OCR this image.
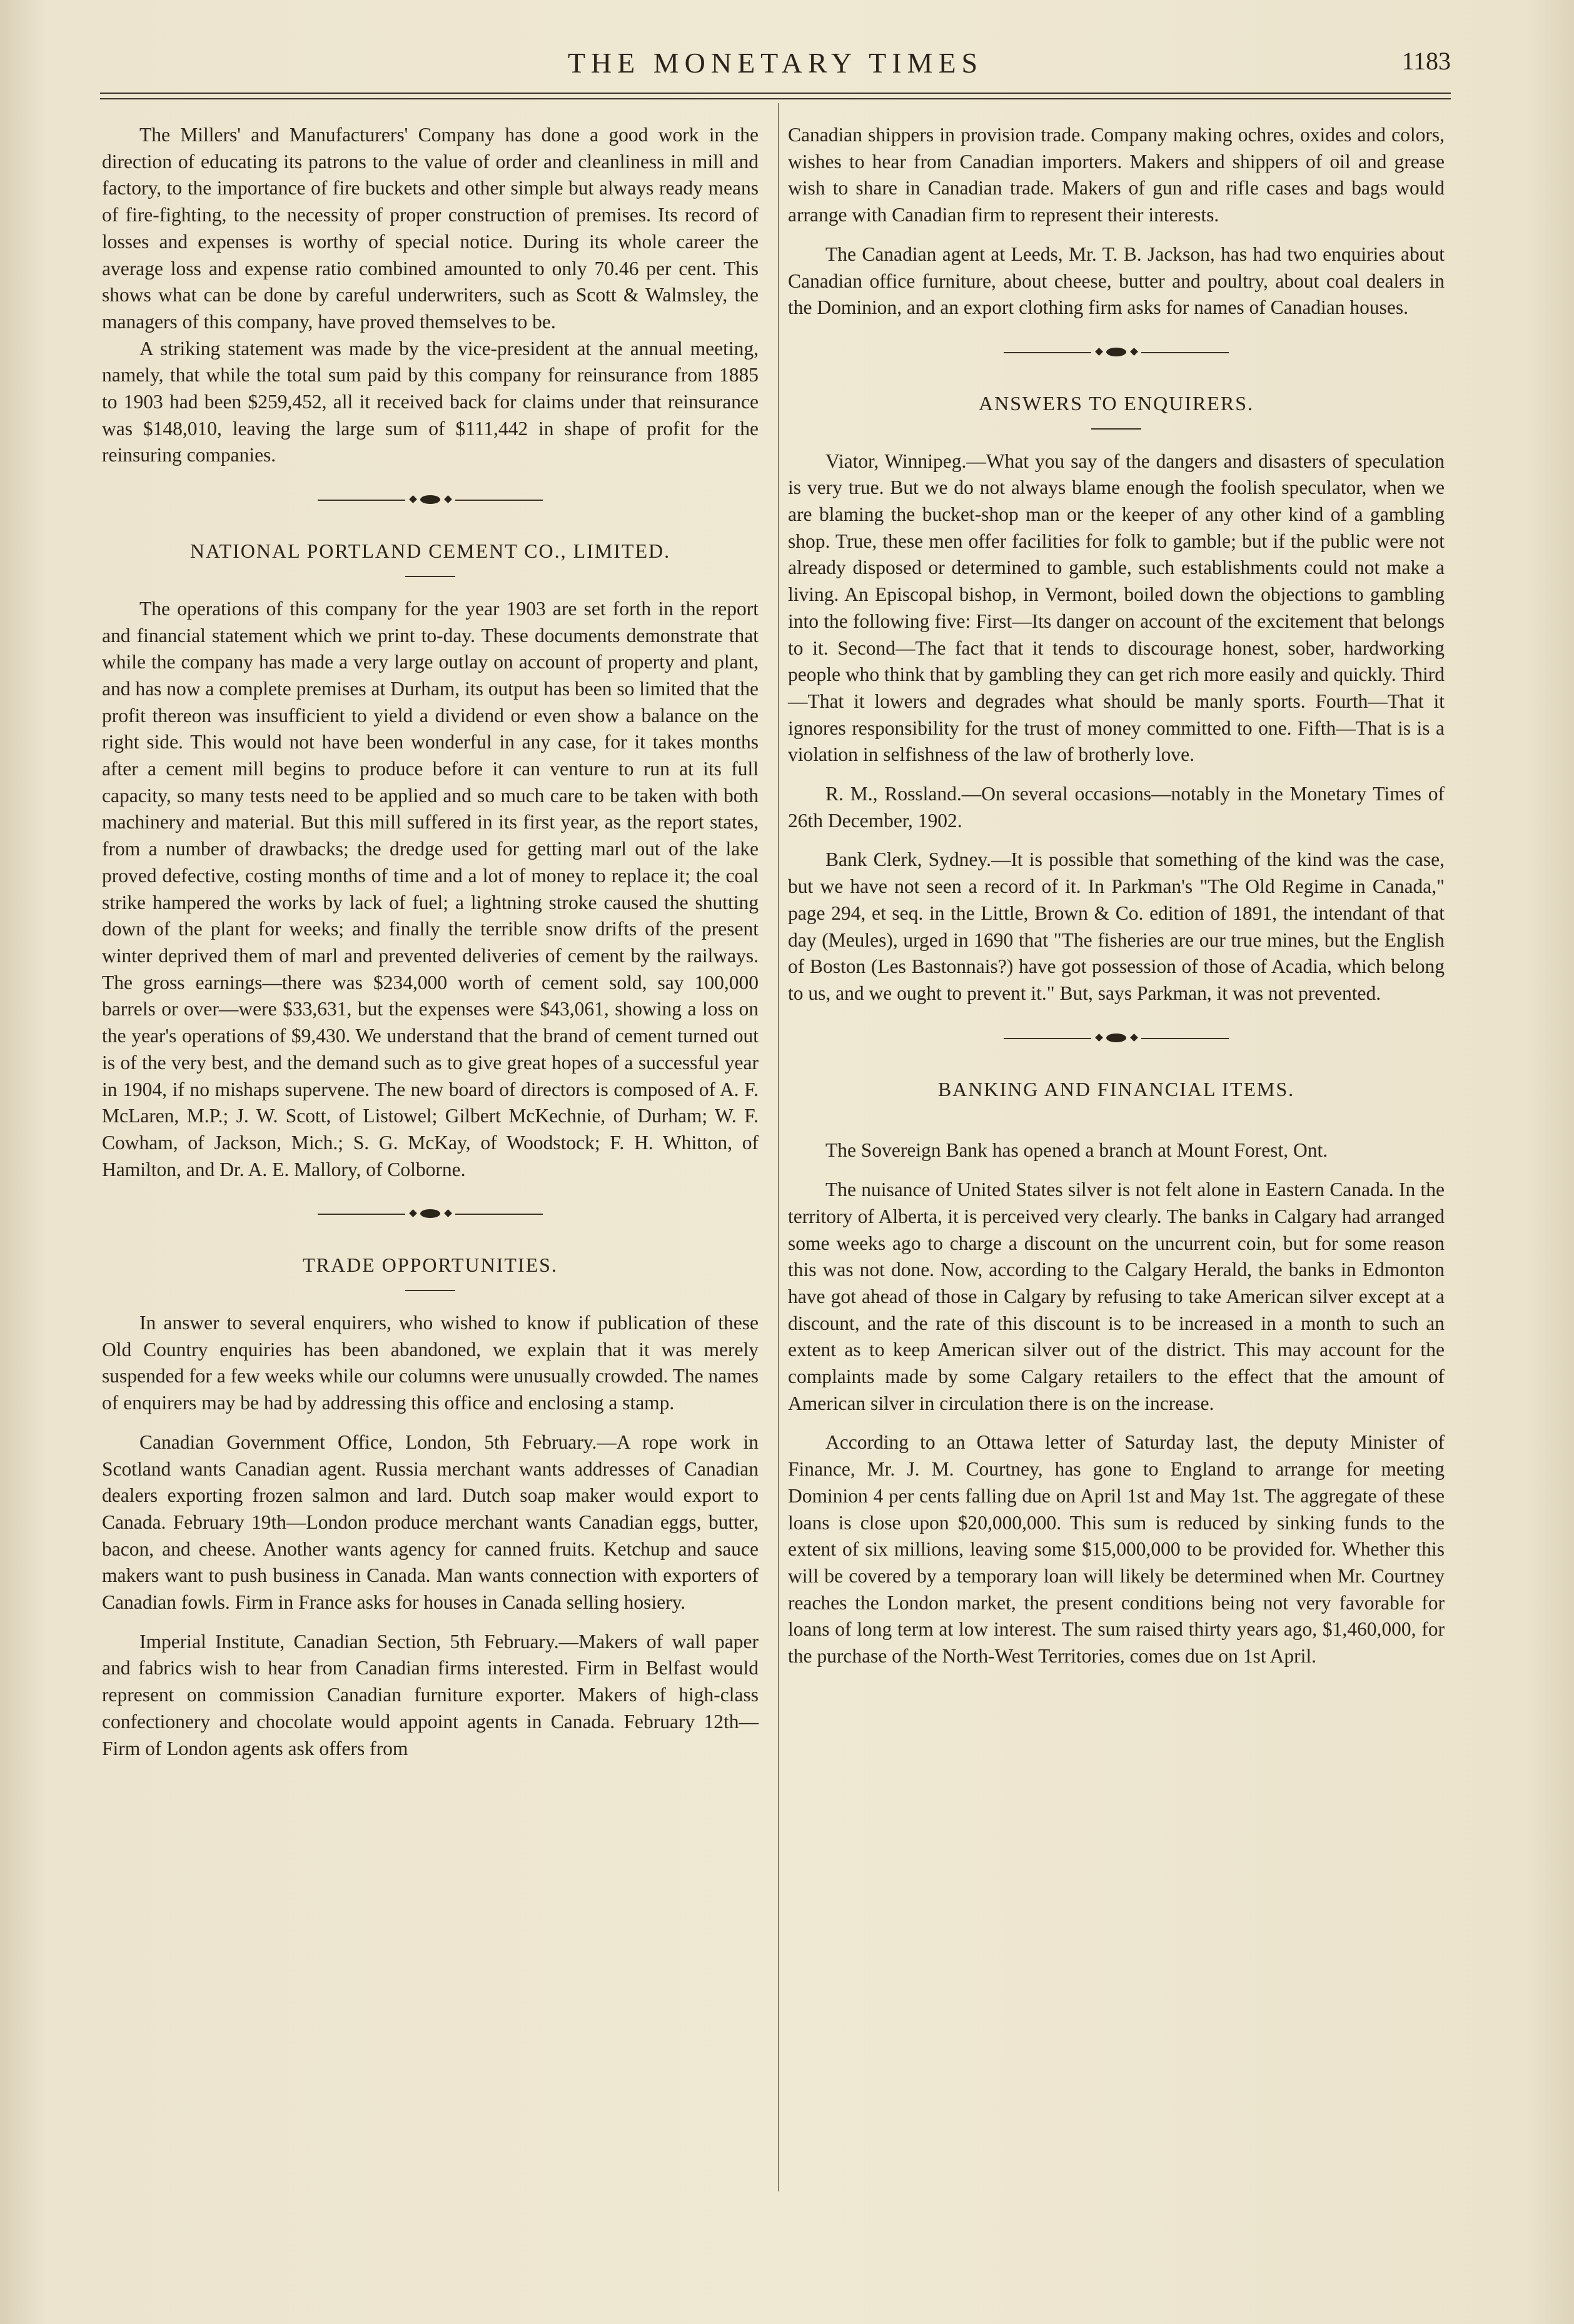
THE MONETARY TIMES	1183

The Millers' and Manufacturers' Company has done a good work in the direction of educating its patrons to the value of order and cleanliness in mill and factory, to the importance of fire buckets and other simple but always ready means of fire-fighting, to the necessity of proper construction of premises. Its record of losses and expenses is worthy of special notice. During its whole career the average loss and expense ratio combined amounted to only 70.46 per cent. This shows what can be done by careful underwriters, such as Scott & Walmsley, the managers of this company, have proved themselves to be.

A striking statement was made by the vice-president at the annual meeting, namely, that while the total sum paid by this company for reinsurance from 1885 to 1903 had been $259,452, all it received back for claims under that reinsurance was $148,010, leaving the large sum of $111,442 in shape of profit for the reinsuring companies.

NATIONAL PORTLAND CEMENT CO., LIMITED.

The operations of this company for the year 1903 are set forth in the report and financial statement which we print to-day. These documents demonstrate that while the company has made a very large outlay on account of property and plant, and has now a complete premises at Durham, its output has been so limited that the profit thereon was insufficient to yield a dividend or even show a balance on the right side. This would not have been wonderful in any case, for it takes months after a cement mill begins to produce before it can venture to run at its full capacity, so many tests need to be applied and so much care to be taken with both machinery and material. But this mill suffered in its first year, as the report states, from a number of drawbacks; the dredge used for getting marl out of the lake proved defective, costing months of time and a lot of money to replace it; the coal strike hampered the works by lack of fuel; a lightning stroke caused the shutting down of the plant for weeks; and finally the terrible snow drifts of the present winter deprived them of marl and prevented deliveries of cement by the railways. The gross earnings—there was $234,000 worth of cement sold, say 100,000 barrels or over—were $33,631, but the expenses were $43,061, showing a loss on the year's operations of $9,430. We understand that the brand of cement turned out is of the very best, and the demand such as to give great hopes of a successful year in 1904, if no mishaps supervene. The new board of directors is composed of A. F. McLaren, M.P.; J. W. Scott, of Listowel; Gilbert McKechnie, of Durham; W. F. Cowham, of Jackson, Mich.; S. G. McKay, of Woodstock; F. H. Whitton, of Hamilton, and Dr. A. E. Mallory, of Colborne.

TRADE OPPORTUNITIES.

In answer to several enquirers, who wished to know if publication of these Old Country enquiries has been abandoned, we explain that it was merely suspended for a few weeks while our columns were unusually crowded. The names of enquirers may be had by addressing this office and enclosing a stamp.

Canadian Government Office, London, 5th February.—A rope work in Scotland wants Canadian agent. Russia merchant wants addresses of Canadian dealers exporting frozen salmon and lard. Dutch soap maker would export to Canada. February 19th—London produce merchant wants Canadian eggs, butter, bacon, and cheese. Another wants agency for canned fruits. Ketchup and sauce makers want to push business in Canada. Man wants connection with exporters of Canadian fowls. Firm in France asks for houses in Canada selling hosiery.

Imperial Institute, Canadian Section, 5th February.—Makers of wall paper and fabrics wish to hear from Canadian firms interested. Firm in Belfast would represent on commission Canadian furniture exporter. Makers of high-class confectionery and chocolate would appoint agents in Canada. February 12th—Firm of London agents ask offers from

Canadian shippers in provision trade. Company making ochres, oxides and colors, wishes to hear from Canadian importers. Makers and shippers of oil and grease wish to share in Canadian trade. Makers of gun and rifle cases and bags would arrange with Canadian firm to represent their interests.

The Canadian agent at Leeds, Mr. T. B. Jackson, has had two enquiries about Canadian office furniture, about cheese, butter and poultry, about coal dealers in the Dominion, and an export clothing firm asks for names of Canadian houses.

ANSWERS TO ENQUIRERS.

Viator, Winnipeg.—What you say of the dangers and disasters of speculation is very true. But we do not always blame enough the foolish speculator, when we are blaming the bucket-shop man or the keeper of any other kind of a gambling shop. True, these men offer facilities for folk to gamble; but if the public were not already disposed or determined to gamble, such establishments could not make a living. An Episcopal bishop, in Vermont, boiled down the objections to gambling into the following five: First—Its danger on account of the excitement that belongs to it. Second—The fact that it tends to discourage honest, sober, hardworking people who think that by gambling they can get rich more easily and quickly. Third—That it lowers and degrades what should be manly sports. Fourth—That it ignores responsibility for the trust of money committed to one. Fifth—That is is a violation in selfishness of the law of brotherly love.

R. M., Rossland.—On several occasions—notably in the Monetary Times of 26th December, 1902.

Bank Clerk, Sydney.—It is possible that something of the kind was the case, but we have not seen a record of it. In Parkman's "The Old Regime in Canada," page 294, et seq. in the Little, Brown & Co. edition of 1891, the intendant of that day (Meules), urged in 1690 that "The fisheries are our true mines, but the English of Boston (Les Bastonnais?) have got possession of those of Acadia, which belong to us, and we ought to prevent it." But, says Parkman, it was not prevented.

BANKING AND FINANCIAL ITEMS.

The Sovereign Bank has opened a branch at Mount Forest, Ont.

The nuisance of United States silver is not felt alone in Eastern Canada. In the territory of Alberta, it is perceived very clearly. The banks in Calgary had arranged some weeks ago to charge a discount on the uncurrent coin, but for some reason this was not done. Now, according to the Calgary Herald, the banks in Edmonton have got ahead of those in Calgary by refusing to take American silver except at a discount, and the rate of this discount is to be increased in a month to such an extent as to keep American silver out of the district. This may account for the complaints made by some Calgary retailers to the effect that the amount of American silver in circulation there is on the increase.

According to an Ottawa letter of Saturday last, the deputy Minister of Finance, Mr. J. M. Courtney, has gone to England to arrange for meeting Dominion 4 per cents falling due on April 1st and May 1st. The aggregate of these loans is close upon $20,000,000. This sum is reduced by sinking funds to the extent of six millions, leaving some $15,000,000 to be provided for. Whether this will be covered by a temporary loan will likely be determined when Mr. Courtney reaches the London market, the present conditions being not very favorable for loans of long term at low interest. The sum raised thirty years ago, $1,460,000, for the purchase of the North-West Territories, comes due on 1st April.
